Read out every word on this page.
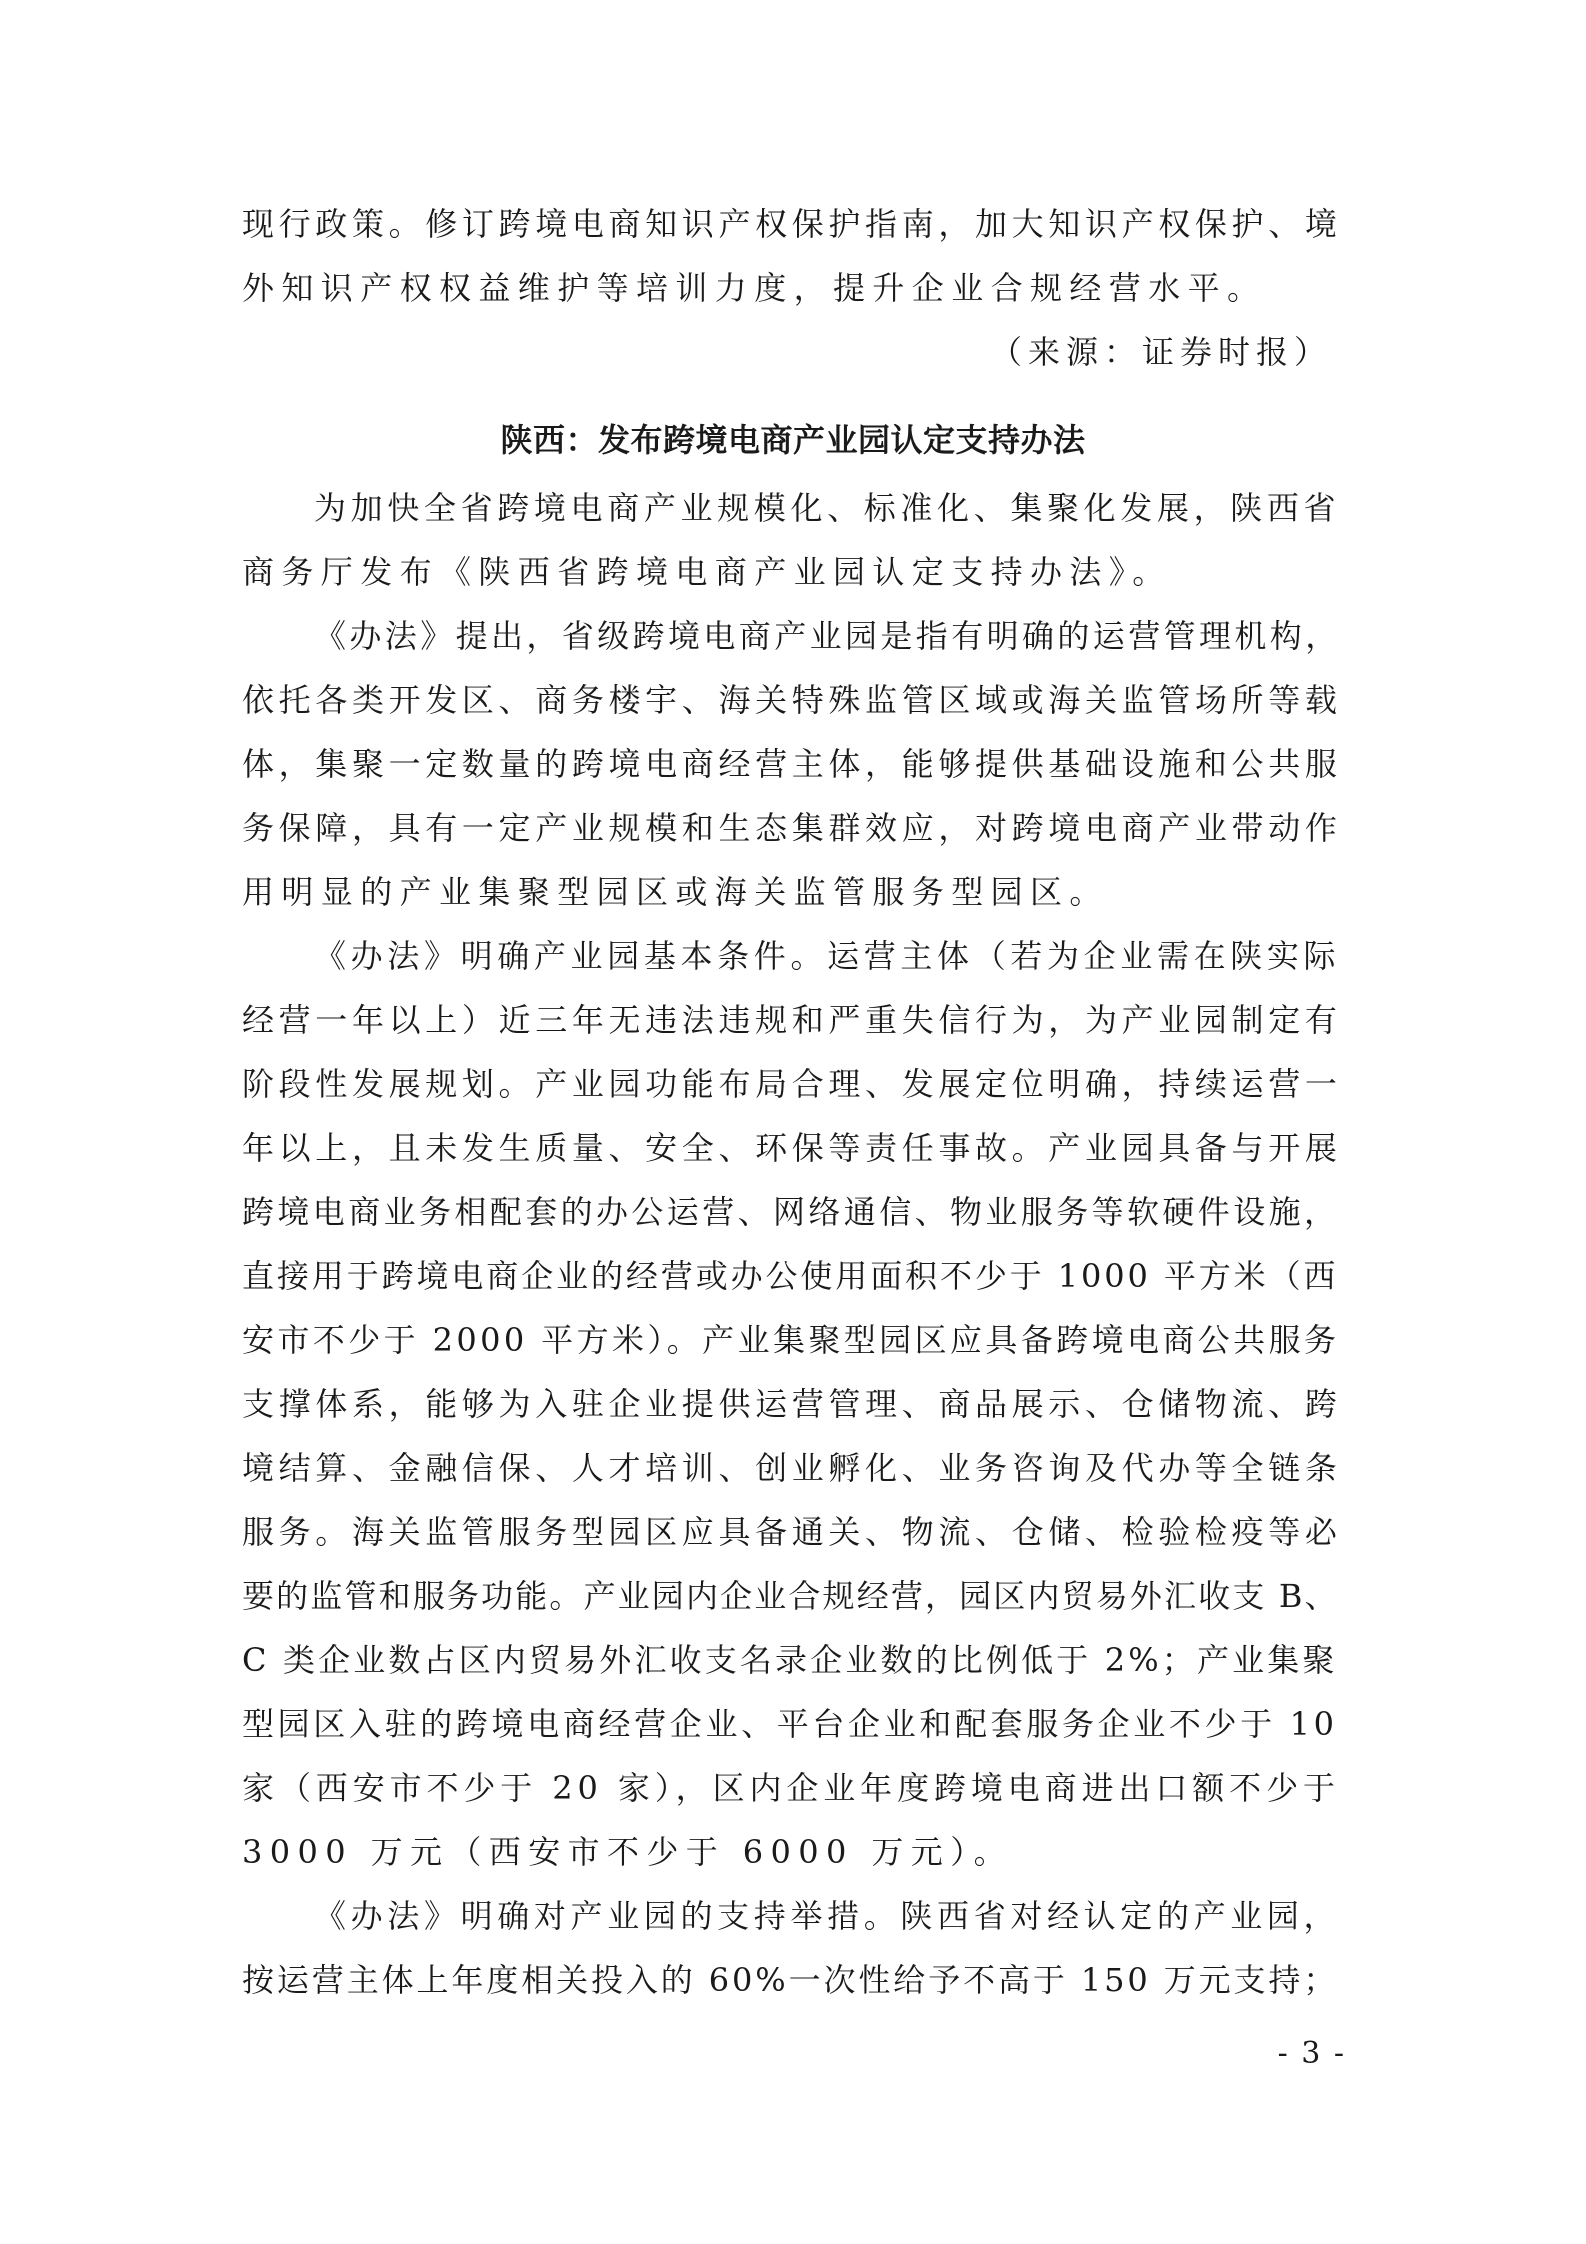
现行政策。修订跨境电商知识产权保护指南，加大知识产权保护、境
外知识产权权益维护等培训力度，提升企业合规经营水平。
（来源：证券时报）
陕西：发布跨境电商产业园认定支持办法
为加快全省跨境电商产业规模化、标准化、集聚化发展，陕西省
商务厅发布《陕西省跨境电商产业园认定支持办法》。
《办法》提出，省级跨境电商产业园是指有明确的运营管理机构，
依托各类开发区、商务楼宇、海关特殊监管区域或海关监管场所等载
体，集聚一定数量的跨境电商经营主体，能够提供基础设施和公共服
务保障，具有一定产业规模和生态集群效应，对跨境电商产业带动作
用明显的产业集聚型园区或海关监管服务型园区。
《办法》明确产业园基本条件。运营主体（若为企业需在陕实际
经营一年以上）近三年无违法违规和严重失信行为，为产业园制定有
阶段性发展规划。产业园功能布局合理、发展定位明确，持续运营一
年以上，且未发生质量、安全、环保等责任事故。产业园具备与开展
跨境电商业务相配套的办公运营、网络通信、物业服务等软硬件设施，
直接用于跨境电商企业的经营或办公使用面积不少于 1000 平方米（西
安市不少于 2000 平方米）。产业集聚型园区应具备跨境电商公共服务
支撑体系，能够为入驻企业提供运营管理、商品展示、仓储物流、跨
境结算、金融信保、人才培训、创业孵化、业务咨询及代办等全链条
服务。海关监管服务型园区应具备通关、物流、仓储、检验检疫等必
要的监管和服务功能。产业园内企业合规经营，园区内贸易外汇收支 B、
C 类企业数占区内贸易外汇收支名录企业数的比例低于 2%；产业集聚
型园区入驻的跨境电商经营企业、平台企业和配套服务企业不少于 10
家（西安市不少于 20 家），区内企业年度跨境电商进出口额不少于
3000 万元（西安市不少于 6000 万元）。
《办法》明确对产业园的支持举措。陕西省对经认定的产业园，
按运营主体上年度相关投入的 60%一次性给予不高于 150 万元支持；
- 3 -
